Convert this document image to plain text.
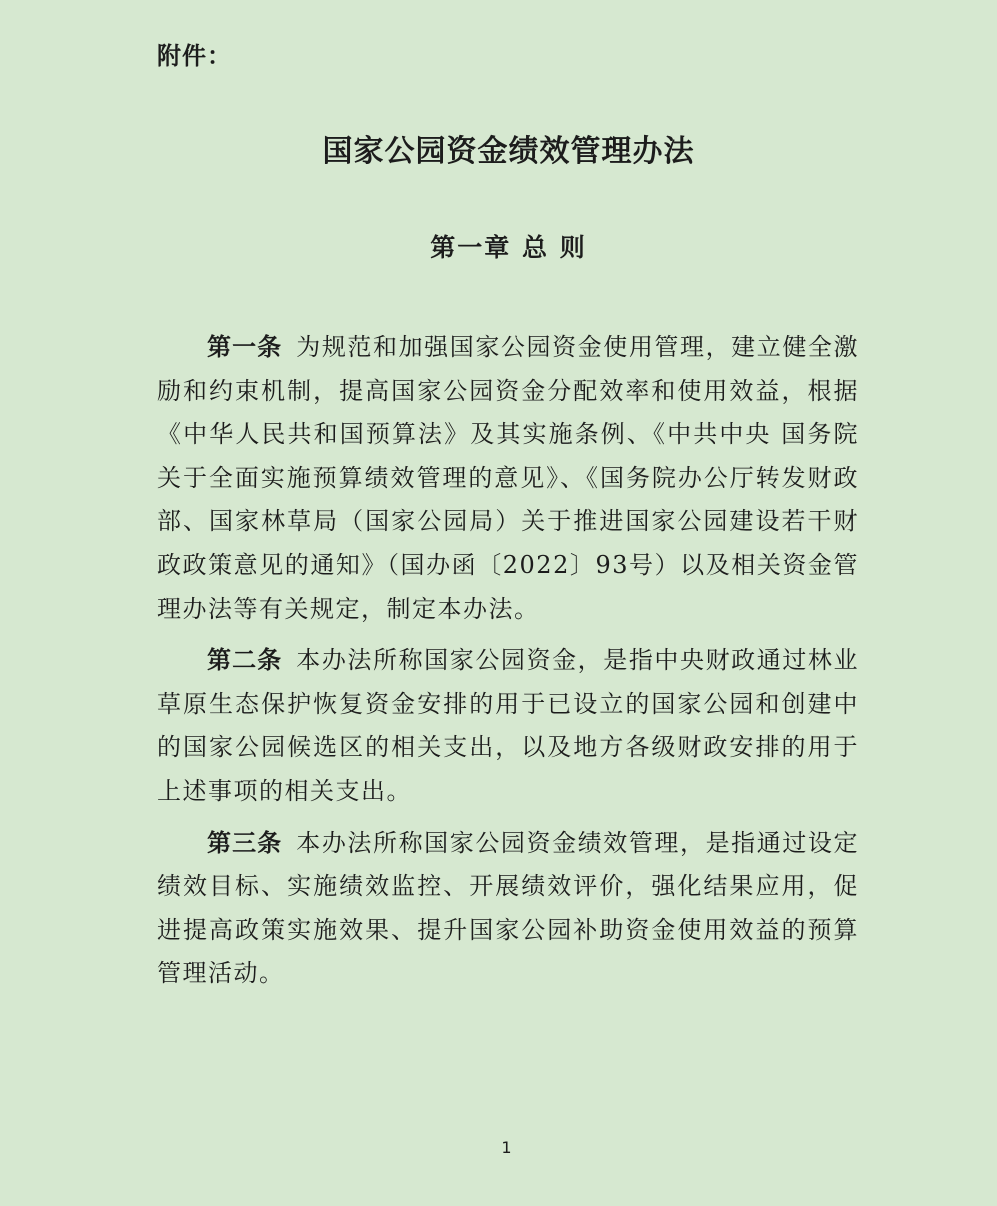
附件：
国家公园资金绩效管理办法
第一章 总 则

第一条 为规范和加强国家公园资金使用管理，建立健全激励和约束机制，提高国家公园资金分配效率和使用效益，根据《中华人民共和国预算法》及其实施条例、《中共中央 国务院关于全面实施预算绩效管理的意见》、《国务院办公厅转发财政部、国家林草局（国家公园局）关于推进国家公园建设若干财政政策意见的通知》（国办函〔2022〕93号）以及相关资金管理办法等有关规定，制定本办法。

第二条 本办法所称国家公园资金，是指中央财政通过林业草原生态保护恢复资金安排的用于已设立的国家公园和创建中的国家公园候选区的相关支出，以及地方各级财政安排的用于上述事项的相关支出。

第三条 本办法所称国家公园资金绩效管理，是指通过设定绩效目标、实施绩效监控、开展绩效评价，强化结果应用，促进提高政策实施效果、提升国家公园补助资金使用效益的预算管理活动。

1
